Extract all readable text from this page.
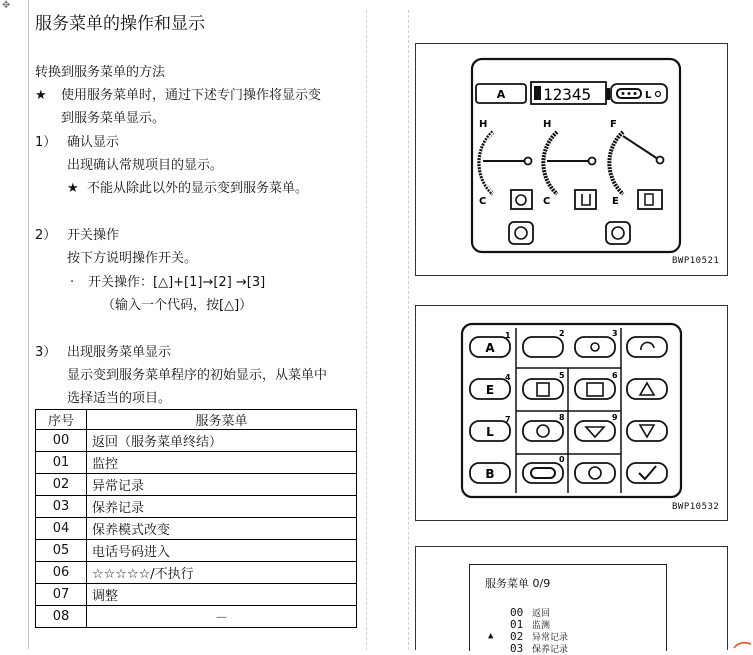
✥
服务菜单的操作和显示
转换到服务菜单的方法
★ 使用服务菜单时，通过下述专门操作将显示变
到服务菜单显示。
1） 确认显示
出现确认常规项目的显示。
★ 不能从除此以外的显示变到服务菜单。
2） 开关操作
按下方说明操作开关。
· 开关操作：[△]+[1]→[2] →[3]
（输入一个代码，按[△]）
3） 出现服务菜单显示
显示变到服务菜单程序的初始显示，从菜单中
选择适当的项目。
序号	服务菜单
00	返回（服务菜单终结）
01	监控
02	异常记录
03	保养记录
04	保养模式改变
05	电话号码进入
06	☆☆☆☆☆/不执行
07	调整
08	－
A 12345	L
H
C
H
C
F
E
BWP10521
A
1
E
4
L
7
B
2	3
5	6
8	9
0
BWP10532
服务菜单 0/9
00 返回
01 监测
▲ 02 异常记录
03 保养记录
